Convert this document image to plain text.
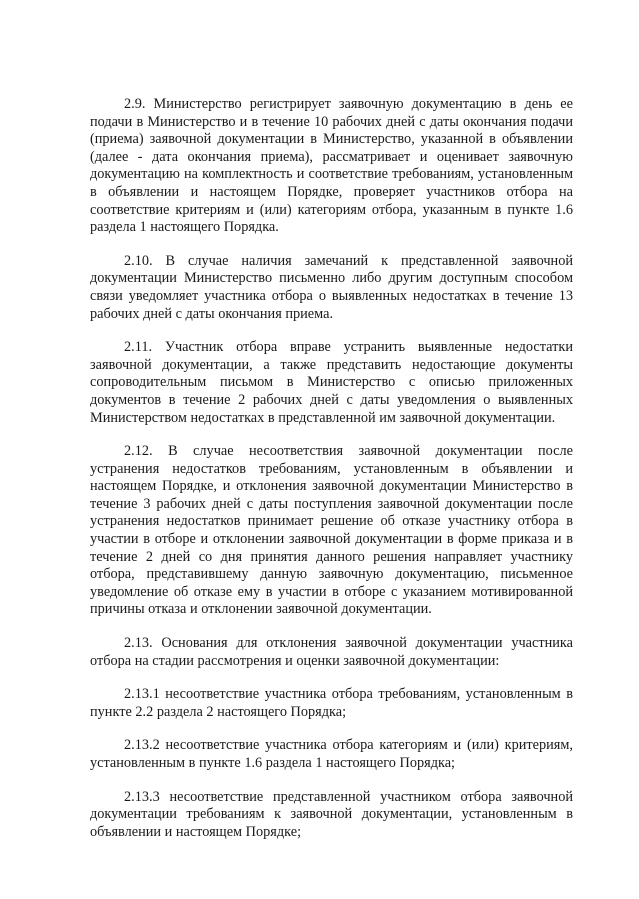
2.9. Министерство регистрирует заявочную документацию в день ее подачи в Министерство и в течение 10 рабочих дней с даты окончания подачи (приема) заявочной документации в Министерство, указанной в объявлении (далее - дата окончания приема), рассматривает и оценивает заявочную документацию на комплектность и соответствие требованиям, установленным в объявлении и настоящем Порядке, проверяет участников отбора на соответствие критериям и (или) категориям отбора, указанным в пункте 1.6 раздела 1 настоящего Порядка.

2.10. В случае наличия замечаний к представленной заявочной документации Министерство письменно либо другим доступным способом связи уведомляет участника отбора о выявленных недостатках в течение 13 рабочих дней с даты окончания приема.

2.11. Участник отбора вправе устранить выявленные недостатки заявочной документации, а также представить недостающие документы сопроводительным письмом в Министерство с описью приложенных документов в течение 2 рабочих дней с даты уведомления о выявленных Министерством недостатках в представленной им заявочной документации.

2.12. В случае несоответствия заявочной документации после устранения недостатков требованиям, установленным в объявлении и настоящем Порядке, и отклонения заявочной документации Министерство в течение 3 рабочих дней с даты поступления заявочной документации после устранения недостатков принимает решение об отказе участнику отбора в участии в отборе и отклонении заявочной документации в форме приказа и в течение 2 дней со дня принятия данного решения направляет участнику отбора, представившему данную заявочную документацию, письменное уведомление об отказе ему в участии в отборе с указанием мотивированной причины отказа и отклонении заявочной документации.

2.13. Основания для отклонения заявочной документации участника отбора на стадии рассмотрения и оценки заявочной документации:

2.13.1 несоответствие участника отбора требованиям, установленным в пункте 2.2 раздела 2 настоящего Порядка;

2.13.2 несоответствие участника отбора категориям и (или) критериям, установленным в пункте 1.6 раздела 1 настоящего Порядка;

2.13.3 несоответствие представленной участником отбора заявочной документации требованиям к заявочной документации, установленным в объявлении и настоящем Порядке;
